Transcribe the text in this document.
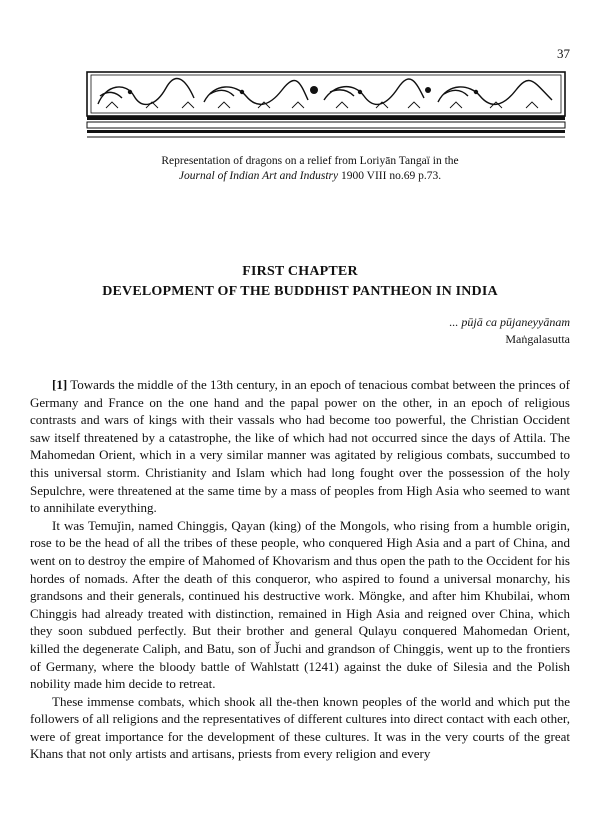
37
Representation of dragons on a relief from Loriyān Tangaï in the
Journal of Indian Art and Industry 1900 VIII no.69 p.73.
FIRST CHAPTER
DEVELOPMENT OF THE BUDDHIST PANTHEON IN INDIA
... pūjā ca pūjaneyyānam
Maṅgalasutta

[1] Towards the middle of the 13th century, in an epoch of tenacious combat between the princes of Germany and France on the one hand and the papal power on the other, in an epoch of religious contrasts and wars of kings with their vassals who had become too powerful, the Christian Occident saw itself threatened by a catastrophe, the like of which had not occurred since the days of Attila. The Mahomedan Orient, which in a very similar manner was agitated by religious combats, succumbed to this universal storm. Christianity and Islam which had long fought over the possession of the holy Sepulchre, were threatened at the same time by a mass of peoples from High Asia who seemed to want to annihilate everything.

It was Temuǰin, named Chinggis, Qayan (king) of the Mongols, who rising from a humble origin, rose to be the head of all the tribes of these people, who conquered High Asia and a part of China, and went on to destroy the empire of Mahomed of Khovarism and thus open the path to the Occident for his hordes of nomads. After the death of this conqueror, who aspired to found a universal monarchy, his grandsons and their generals, continued his destructive work. Möngke, and after him Khubilai, whom Chinggis had already treated with distinction, remained in High Asia and reigned over China, which they soon subdued perfectly. But their brother and general Qulayu conquered Mahomedan Orient, killed the degenerate Caliph, and Batu, son of J̌uchi and grandson of Chinggis, went up to the frontiers of Germany, where the bloody battle of Wahlstatt (1241) against the duke of Silesia and the Polish nobility made him decide to retreat.

These immense combats, which shook all the-then known peoples of the world and which put the followers of all religions and the representatives of different cultures into direct contact with each other, were of great importance for the development of these cultures. It was in the very courts of the great Khans that not only artists and artisans, priests from every religion and every
